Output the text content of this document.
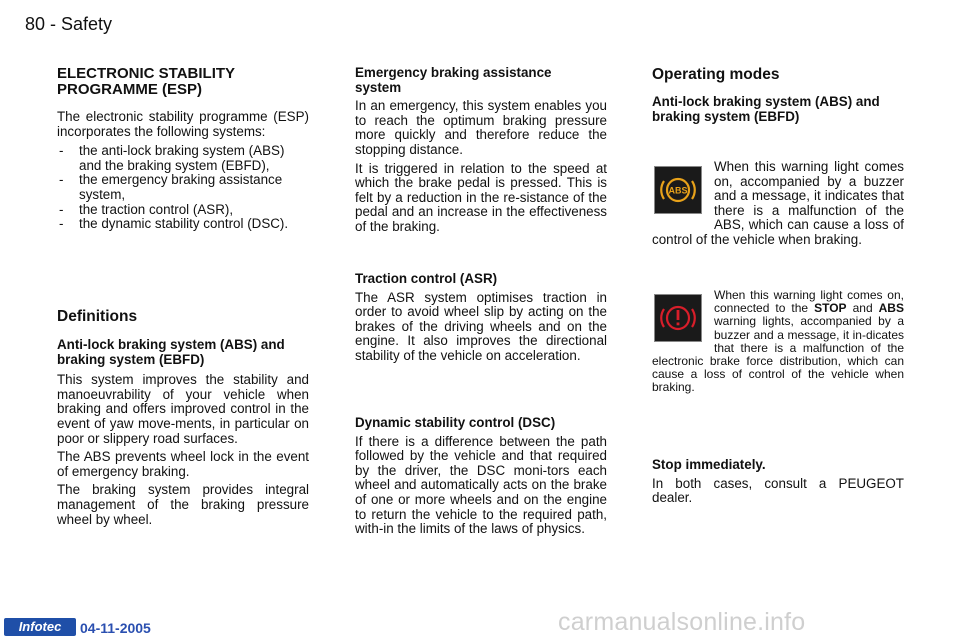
80 - Safety
ELECTRONIC STABILITY PROGRAMME (ESP)

The electronic stability programme (ESP) incorporates the following systems:

- the anti-lock braking system (ABS) and the braking system (EBFD),
- the emergency braking assistance system,
- the traction control (ASR),
- the dynamic stability control (DSC).
Definitions
Anti-lock braking system (ABS) and braking system (EBFD)

This system improves the stability and manoeuvrability of your vehicle when braking and offers improved control in the event of yaw move-ments, in particular on poor or slippery road surfaces.

The ABS prevents wheel lock in the event of emergency braking.

The braking system provides integral management of the braking pressure wheel by wheel.

Emergency braking assistance system

In an emergency, this system enables you to reach the optimum braking pressure more quickly and therefore reduce the stopping distance.

It is triggered in relation to the speed at which the brake pedal is pressed. This is felt by a reduction in the re-sistance of the pedal and an increase in the effectiveness of the braking.

Traction control (ASR)

The ASR system optimises traction in order to avoid wheel slip by acting on the brakes of the driving wheels and on the engine. It also improves the directional stability of the vehicle on acceleration.

Dynamic stability control (DSC)

If there is a difference between the path followed by the vehicle and that required by the driver, the DSC moni-tors each wheel and automatically acts on the brake of one or more wheels and on the engine to return the vehicle to the required path, with-in the limits of the laws of physics.

Operating modes
Anti-lock braking system (ABS) and braking system (EBFD)
ABS

When this warning light comes on, accompanied by a buzzer and a message, it indicates that there is a malfunction of the ABS, which can cause a loss of control of the vehicle when braking.

When this warning light comes on, connected to the STOP and ABS warning lights, accompanied by a buzzer and a message, it in-dicates that there is a malfunction of the electronic brake force distribution, which can cause a loss of control of the vehicle when braking.

Stop immediately.

In both cases, consult a PEUGEOT dealer.

Infotec	04-11-2005	carmanualsonline.info
